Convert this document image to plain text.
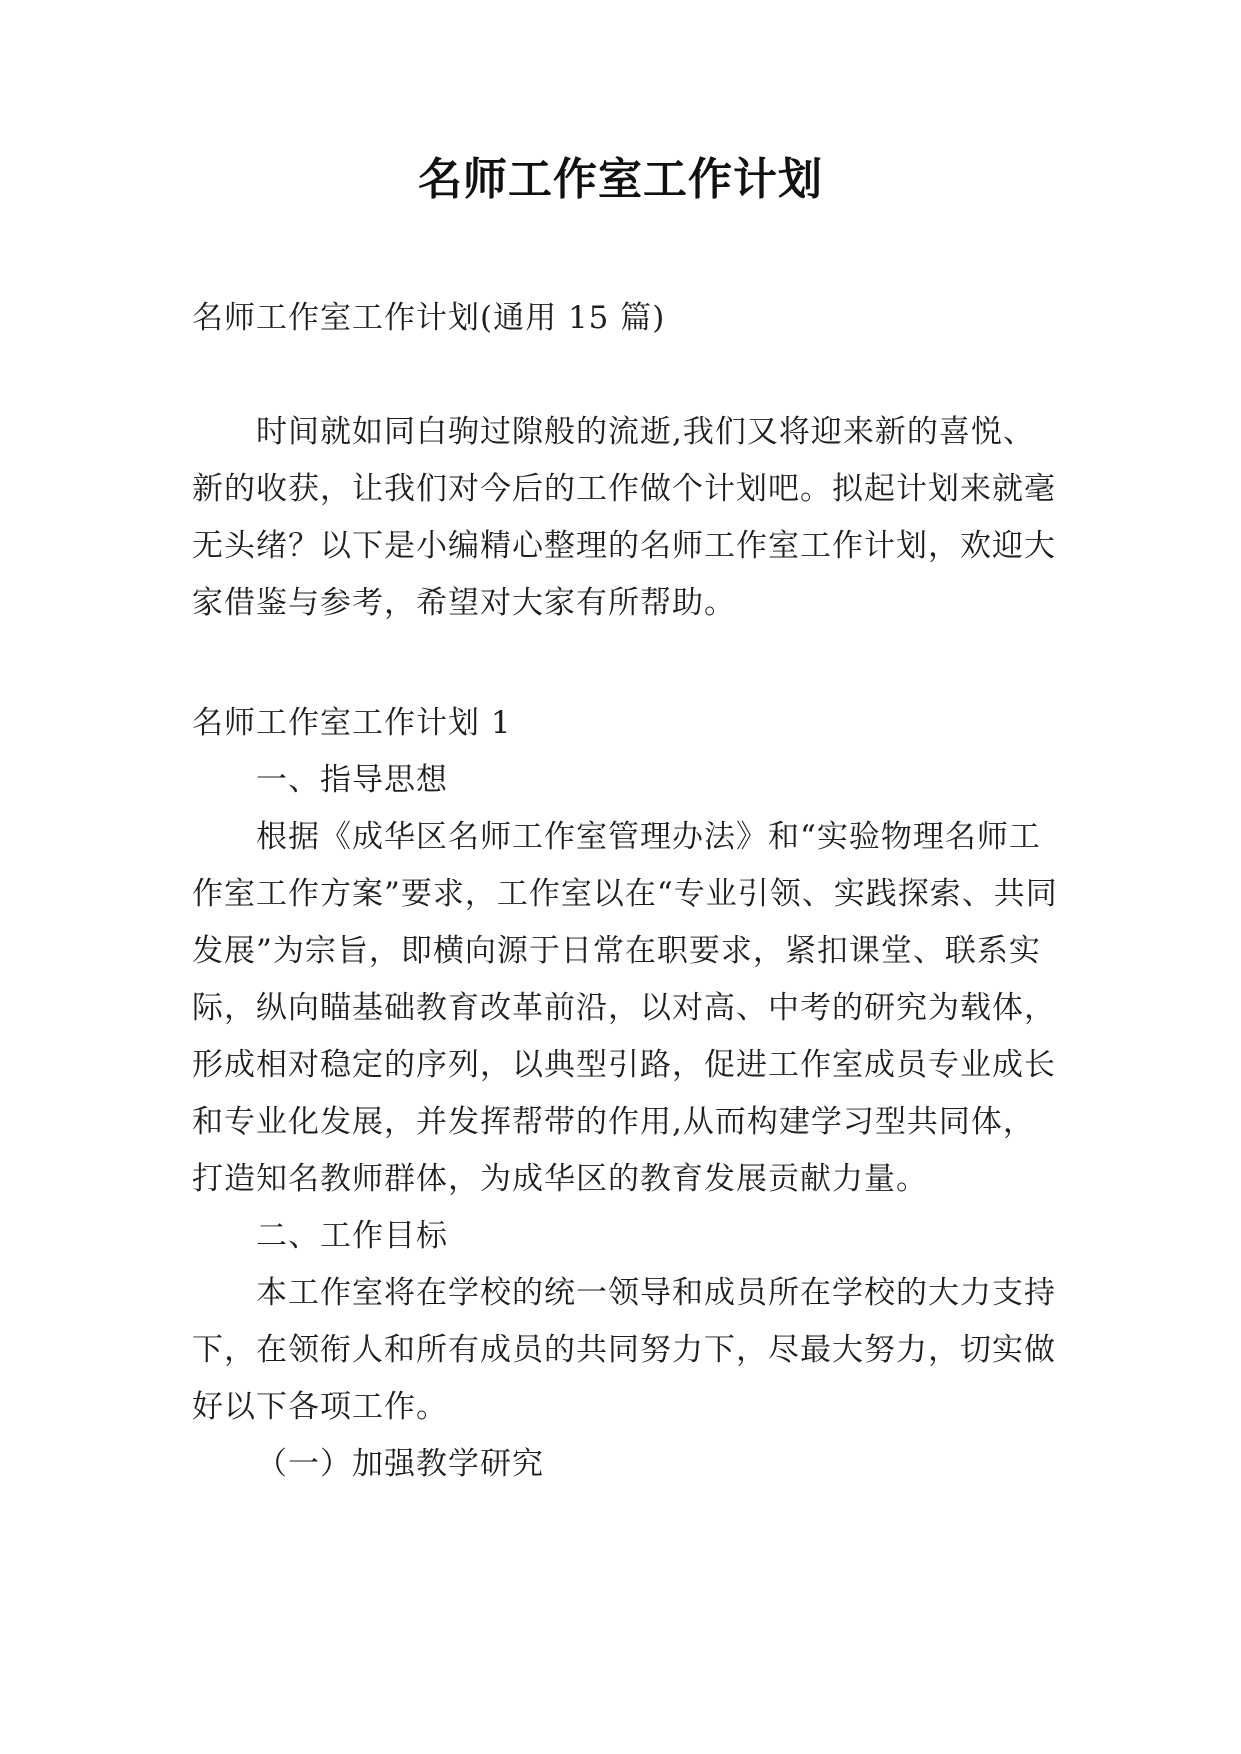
名师工作室工作计划

名师工作室工作计划(通用 15 篇)

时间就如同白驹过隙般的流逝,我们又将迎来新的喜悦、新的收获，让我们对今后的工作做个计划吧。拟起计划来就毫无头绪？以下是小编精心整理的名师工作室工作计划，欢迎大家借鉴与参考，希望对大家有所帮助。

名师工作室工作计划 1

一、指导思想

根据《成华区名师工作室管理办法》和“实验物理名师工作室工作方案”要求，工作室以在“专业引领、实践探索、共同发展”为宗旨，即横向源于日常在职要求，紧扣课堂、联系实际，纵向瞄基础教育改革前沿，以对高、中考的研究为载体，形成相对稳定的序列，以典型引路，促进工作室成员专业成长和专业化发展，并发挥帮带的作用,从而构建学习型共同体，打造知名教师群体，为成华区的教育发展贡献力量。

二、工作目标

本工作室将在学校的统一领导和成员所在学校的大力支持下，在领衔人和所有成员的共同努力下，尽最大努力，切实做好以下各项工作。

（一）加强教学研究
